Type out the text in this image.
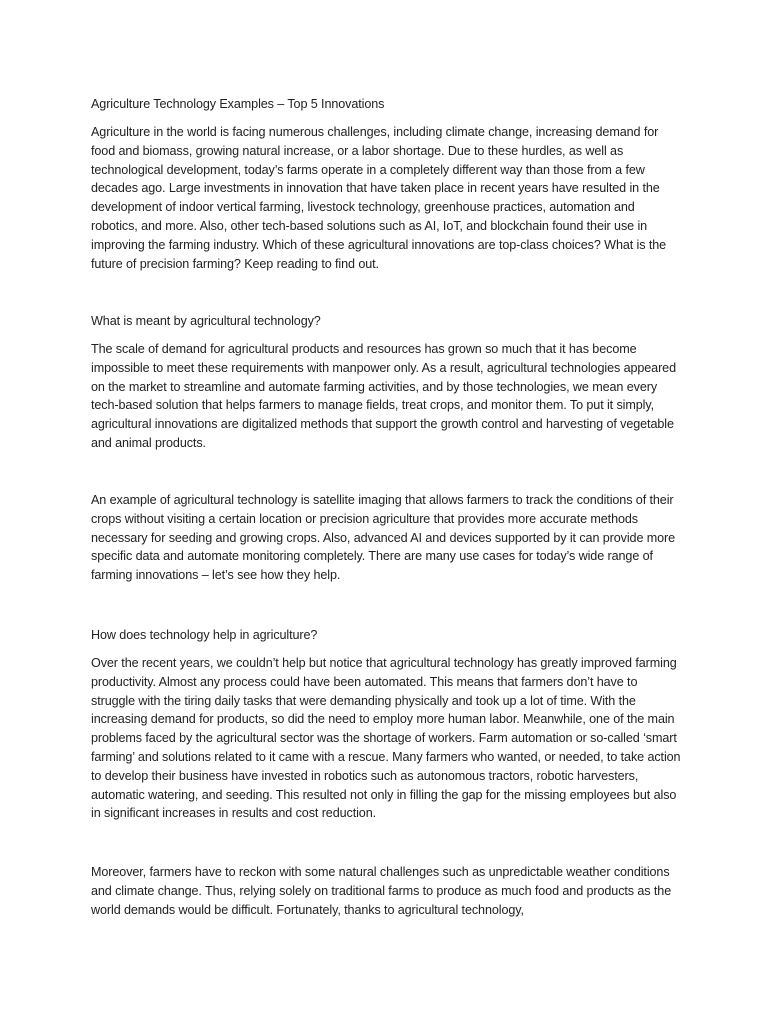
Agriculture Technology Examples – Top 5 Innovations

Agriculture in the world is facing numerous challenges, including climate change, increasing demand for food and biomass, growing natural increase, or a labor shortage. Due to these hurdles, as well as technological development, today’s farms operate in a completely different way than those from a few decades ago. Large investments in innovation that have taken place in recent years have resulted in the development of indoor vertical farming, livestock technology, greenhouse practices, automation and robotics, and more. Also, other tech-based solutions such as AI, IoT, and blockchain found their use in improving the farming industry. Which of these agricultural innovations are top-class choices? What is the future of precision farming? Keep reading to find out.

What is meant by agricultural technology?

The scale of demand for agricultural products and resources has grown so much that it has become impossible to meet these requirements with manpower only. As a result, agricultural technologies appeared on the market to streamline and automate farming activities, and by those technologies, we mean every tech-based solution that helps farmers to manage fields, treat crops, and monitor them. To put it simply, agricultural innovations are digitalized methods that support the growth control and harvesting of vegetable and animal products.

An example of agricultural technology is satellite imaging that allows farmers to track the conditions of their crops without visiting a certain location or precision agriculture that provides more accurate methods necessary for seeding and growing crops. Also, advanced AI and devices supported by it can provide more specific data and automate monitoring completely. There are many use cases for today’s wide range of farming innovations – let’s see how they help.

How does technology help in agriculture?

Over the recent years, we couldn’t help but notice that agricultural technology has greatly improved farming productivity. Almost any process could have been automated. This means that farmers don’t have to struggle with the tiring daily tasks that were demanding physically and took up a lot of time. With the increasing demand for products, so did the need to employ more human labor. Meanwhile, one of the main problems faced by the agricultural sector was the shortage of workers. Farm automation or so-called ‘smart farming’ and solutions related to it came with a rescue. Many farmers who wanted, or needed, to take action to develop their business have invested in robotics such as autonomous tractors, robotic harvesters, automatic watering, and seeding. This resulted not only in filling the gap for the missing employees but also in significant increases in results and cost reduction.

Moreover, farmers have to reckon with some natural challenges such as unpredictable weather conditions and climate change. Thus, relying solely on traditional farms to produce as much food and products as the world demands would be difficult. Fortunately, thanks to agricultural technology,
